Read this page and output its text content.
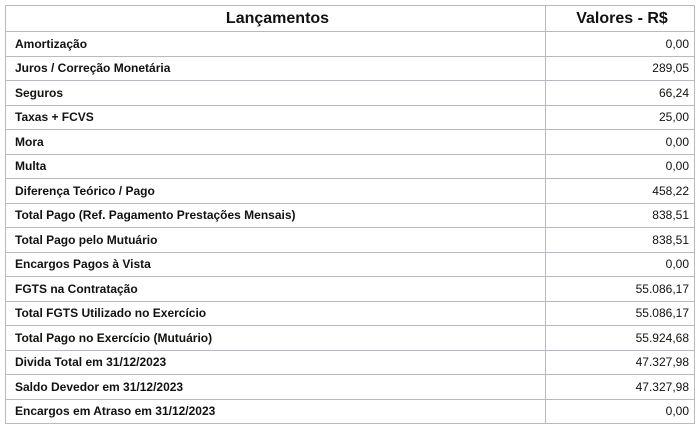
Lançamentos	Valores - R$
Amortização	0,00
Juros / Correção Monetária	289,05
Seguros	66,24
Taxas + FCVS	25,00
Mora	0,00
Multa	0,00
Diferença Teórico / Pago	458,22
Total Pago (Ref. Pagamento Prestações Mensais)	838,51
Total Pago pelo Mutuário	838,51
Encargos Pagos à Vista	0,00
FGTS na Contratação	55.086,17
Total FGTS Utilizado no Exercício	55.086,17
Total Pago no Exercício (Mutuário)	55.924,68
Divida Total em 31/12/2023	47.327,98
Saldo Devedor em 31/12/2023	47.327,98
Encargos em Atraso em 31/12/2023	0,00
